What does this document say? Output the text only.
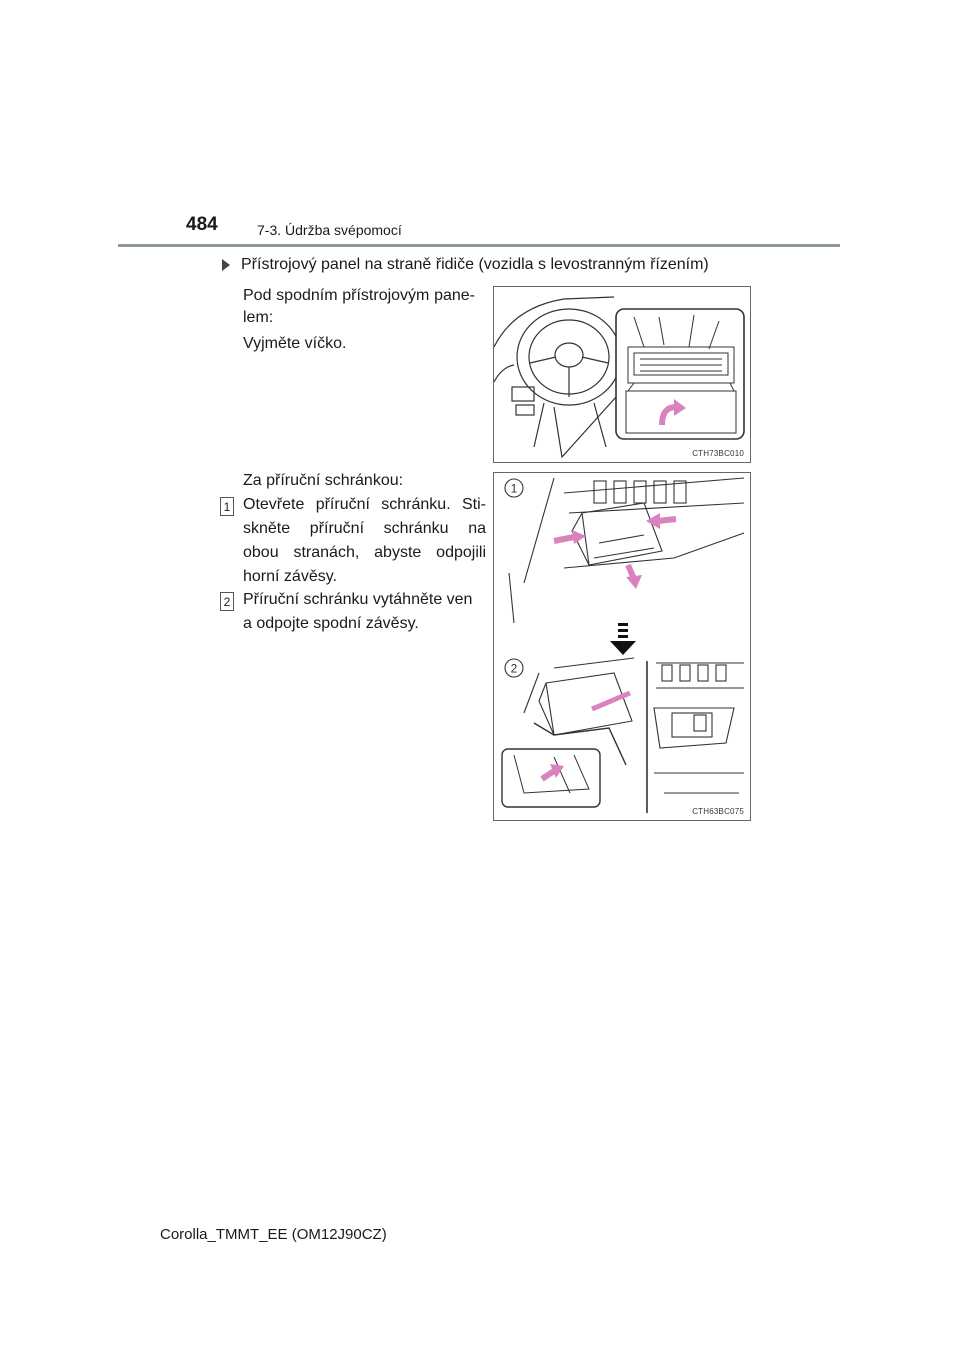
484	7-3. Údržba svépomocí
Přístrojový panel na straně řidiče (vozidla s levostranným řízením)
Pod spodním přístrojovým pane-
lem:
Vyjměte víčko.
CTH73BC010
Za příruční schránkou:
1 Otevřete příruční schránku. Sti-
skněte příruční schránku na
obou stranách, abyste odpojili
horní závěsy.
2 Příruční schránku vytáhněte ven
a odpojte spodní závěsy.
1
2
CTH63BC075
Corolla_TMMT_EE (OM12J90CZ)
